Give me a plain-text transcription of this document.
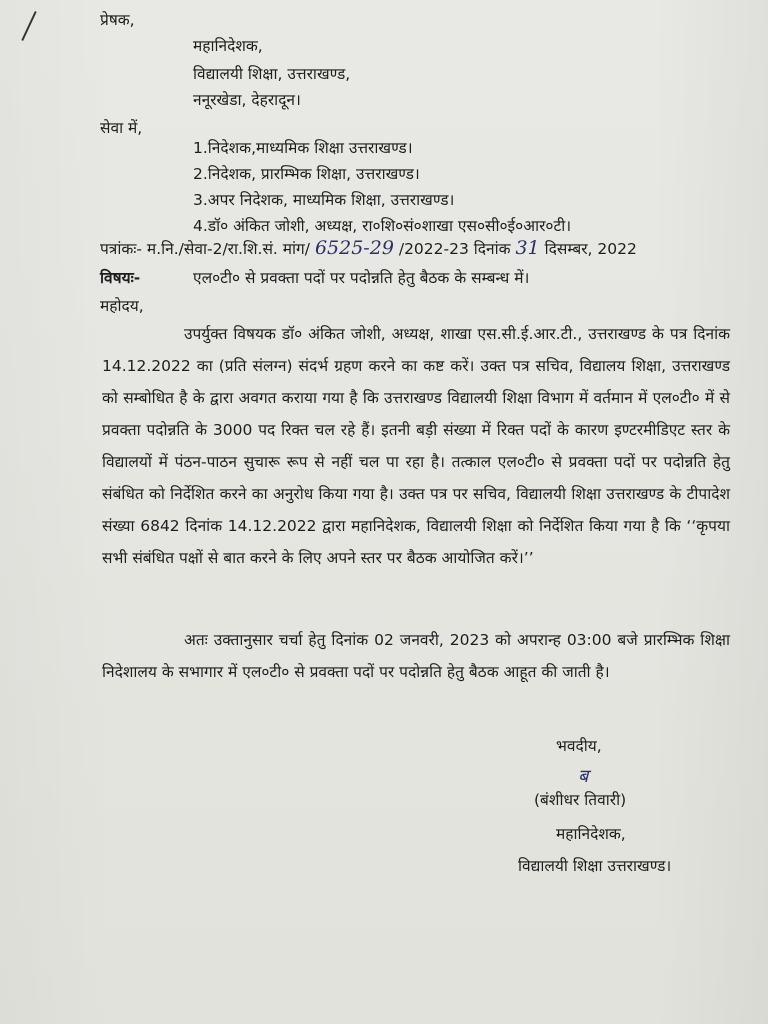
प्रेषक,
महानिदेशक,
विद्यालयी शिक्षा, उत्तराखण्ड,
ननूरखेडा, देहरादून।
सेवा में,
1.निदेशक,माध्यमिक शिक्षा उत्तराखण्ड।
2.निदेशक, प्रारम्भिक शिक्षा, उत्तराखण्ड।
3.अपर निदेशक, माध्यमिक शिक्षा, उत्तराखण्ड।
4.डॉ० अंकित जोशी, अध्यक्ष, रा०शि०सं०शाखा एस०सी०ई०आर०टी।
पत्रांकः- म.नि./सेवा-2/रा.शि.सं. मांग/ 6525-29 /2022-23 दिनांक 31 दिसम्बर, 2022
विषयः-	एल०टी० से प्रवक्ता पदों पर पदोन्नति हेतु बैठक के सम्बन्ध में।
महोदय,
उपर्युक्त विषयक डॉ० अंकित जोशी, अध्यक्ष, शाखा एस.सी.ई.आर.टी., उत्तराखण्ड के पत्र दिनांक 14.12.2022 का (प्रति संलग्न) संदर्भ ग्रहण करने का कष्ट करें। उक्त पत्र सचिव, विद्यालय शिक्षा, उत्तराखण्ड को सम्बोधित है के द्वारा अवगत कराया गया है कि उत्तराखण्ड विद्यालयी शिक्षा विभाग में वर्तमान में एल०टी० में से प्रवक्ता पदोन्नति के 3000 पद रिक्त चल रहे हैं। इतनी बड़ी संख्या में रिक्त पदों के कारण इण्टरमीडिएट स्तर के विद्यालयों में पंठन-पाठन सुचारू रूप से नहीं चल पा रहा है। तत्काल एल०टी० से प्रवक्ता पदों पर पदोन्नति हेतु संबंधित को निर्देशित करने का अनुरोध किया गया है। उक्त पत्र पर सचिव, विद्यालयी शिक्षा उत्तराखण्ड के टीपादेश संख्या 6842 दिनांक 14.12.2022 द्वारा महानिदेशक, विद्यालयी शिक्षा को निर्देशित किया गया है कि ‘‘कृपया सभी संबंधित पक्षों से बात करने के लिए अपने स्तर पर बैठक आयोजित करें।’’
अतः उक्तानुसार चर्चा हेतु दिनांक 02 जनवरी, 2023 को अपरान्ह 03:00 बजे प्रारम्भिक शिक्षा निदेशालय के सभागार में एल०टी० से प्रवक्ता पदों पर पदोन्नति हेतु बैठक आहूत की जाती है।
भवदीय,
ब
(बंशीधर तिवारी)
महानिदेशक,
विद्यालयी शिक्षा उत्तराखण्ड।
